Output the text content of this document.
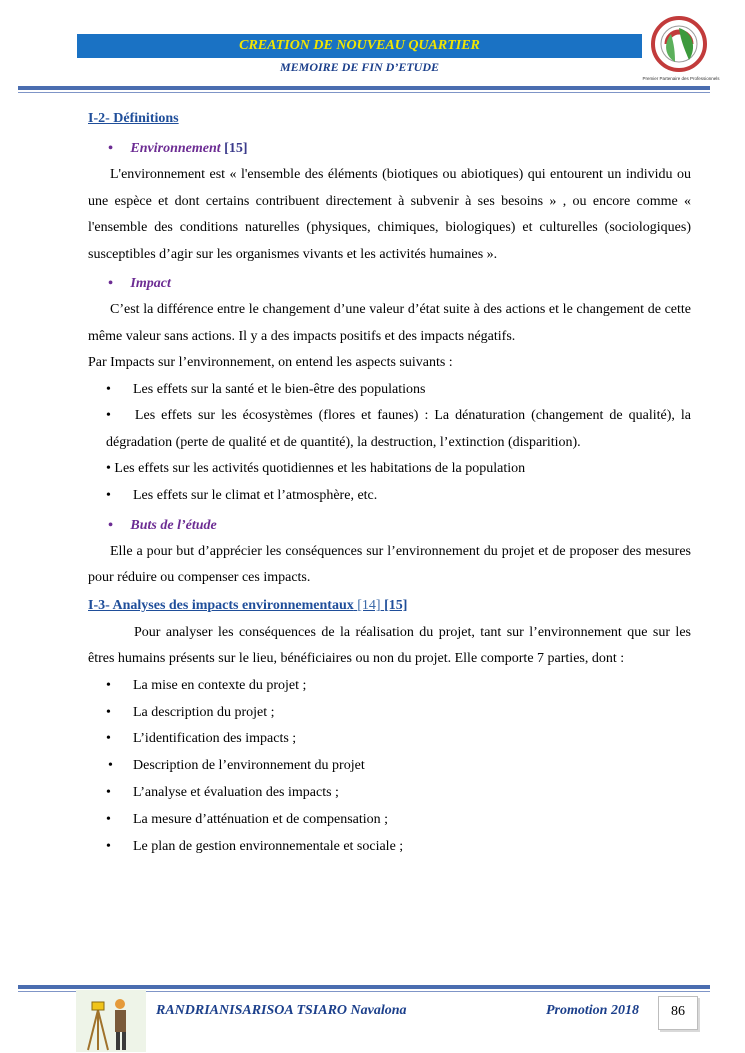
CREATION DE NOUVEAU QUARTIER
MEMOIRE DE FIN D’ETUDE
Premier Partenaire des Professionnels

I-2- Définitions

•     Environnement [15]

L'environnement est « l'ensemble des éléments (biotiques ou abiotiques) qui entourent un individu ou une espèce et dont certains contribuent directement à subvenir à ses besoins » , ou encore comme « l'ensemble des conditions naturelles (physiques, chimiques, biologiques) et culturelles (sociologiques) susceptibles d’agir sur les organismes vivants et les activités humaines ».

•     Impact

C’est la différence entre le changement d’une valeur d’état suite à des actions et le changement de cette même valeur sans actions. Il y a des impacts positifs et des impacts négatifs.

Par Impacts sur l’environnement, on entend les aspects suivants :

•	Les effets sur la santé et le bien-être des populations
•    Les effets sur les écosystèmes (flores et faunes) : La dénaturation (changement de qualité), la dégradation (perte de qualité et de quantité), la destruction, l’extinction (disparition).
• Les effets sur les activités quotidiennes et les habitations de la population
•	Les effets sur le climat et l’atmosphère, etc.

•     Buts de l’étude

Elle a pour but d’apprécier les conséquences sur l’environnement du projet et de proposer des mesures pour réduire ou compenser ces impacts.

I-3- Analyses des impacts environnementaux [14] [15]

Pour analyser les conséquences de la réalisation du projet, tant sur l’environnement que sur les êtres humains présents sur le lieu, bénéficiaires ou non du projet. Elle comporte 7 parties, dont :

•	La mise en contexte du projet ;
•	La description du projet ;
•	L’identification des impacts ;
•	Description de l’environnement du projet
•	L’analyse et évaluation des impacts ;
•	La mesure d’atténuation et de compensation ;
•	Le plan de gestion environnementale et sociale ;
RANDRIANISARISOA TSIARO Navalona	Promotion 2018	86
